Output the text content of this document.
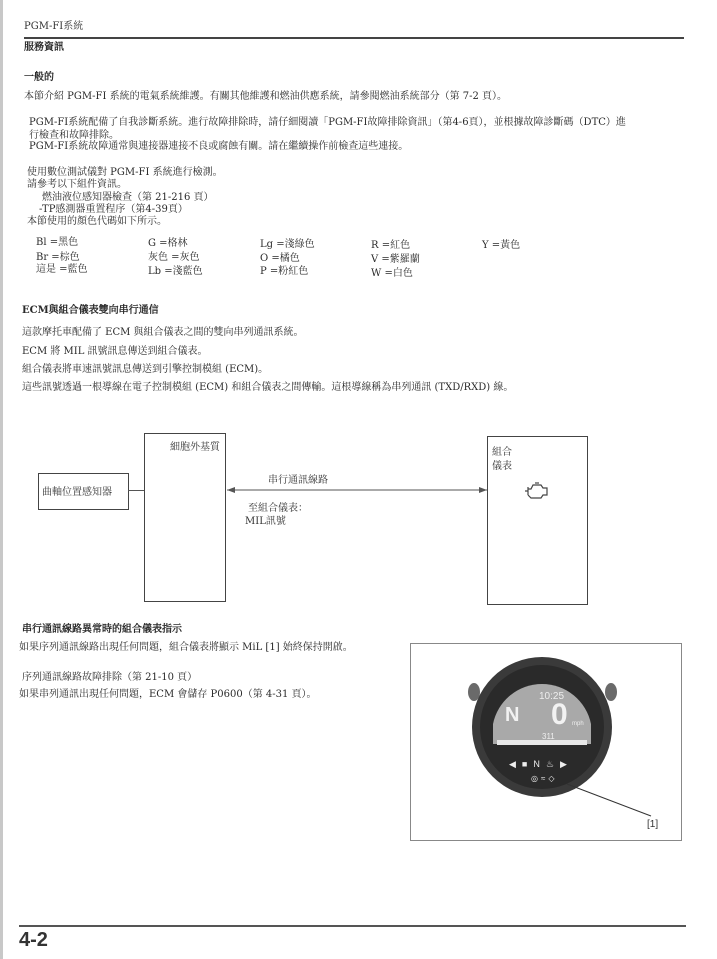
PGM-FI系統
服務資訊
一般的
本節介紹 PGM-FI 系統的電氣系統維護。有關其他維護和燃油供應系統，請參閱燃油系統部分（第 7-2 頁）。
PGM-FI系統配備了自我診斷系統。進行故障排除時，請仔細閱讀「PGM-FI故障排除資訊」（第4-6頁），並根據故障診斷碼（DTC）進
行檢查和故障排除。
PGM-FI系統故障通常與連接器連接不良或腐蝕有關。請在繼續操作前檢查這些連接。
使用數位測試儀對 PGM-FI 系統進行檢測。
請參考以下組件資訊。
燃油液位感知器檢查（第 21-216 頁）
-TP感測器重置程序（第4-39頁）
本節使用的顏色代碼如下所示。
Bl =黑色
Br =棕色
這是 =藍色
G =格林
灰色 =灰色
Lb =淺藍色
Lg =淺綠色
O =橘色
P =粉紅色
R =紅色
V =紫羅蘭
W =白色
Y =黃色
ECM與組合儀表雙向串行通信
這款摩托車配備了 ECM 與組合儀表之間的雙向串列通訊系統。
ECM 將 MIL 訊號訊息傳送到組合儀表。
組合儀表將車速訊號訊息傳送到引擎控制模組 (ECM)。
這些訊號透過一根導線在電子控制模組 (ECM) 和組合儀表之間傳輸。這根導線稱為串列通訊 (TXD/RXD) 線。
曲軸位置感知器
細胞外基質
串行通訊線路
至組合儀表：
MIL訊號
組合
儀表
串行通訊線路異常時的組合儀表指示
如果序列通訊線路出現任何問題，組合儀表將顯示 MiL [1] 始終保持開啟。
序列通訊線路故障排除（第 21-10 頁）
如果串列通訊出現任何問題，ECM 會儲存 P0600（第 4-31 頁）。	10:25
N 0 mph
311
◀■N♨▶
◎≈◇
[1]
4-2
